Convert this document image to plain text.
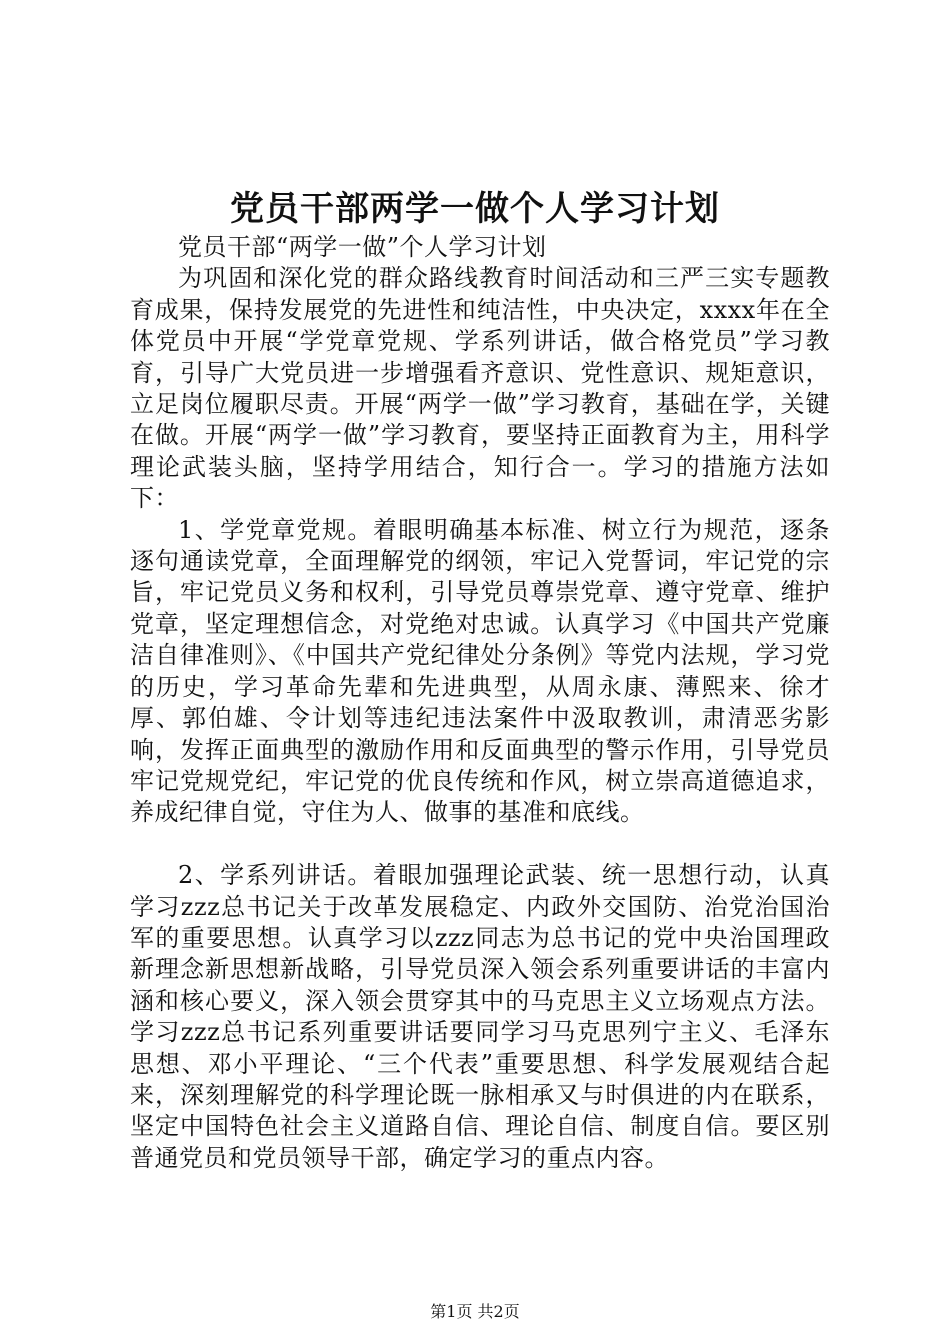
党员干部两学一做个人学习计划

党员干部“两学一做”个人学习计划

为巩固和深化党的群众路线教育时间活动和三严三实专题教育成果，保持发展党的先进性和纯洁性，中央决定，xxxx年在全体党员中开展“学党章党规、学系列讲话，做合格党员”学习教育，引导广大党员进一步增强看齐意识、党性意识、规矩意识，立足岗位履职尽责。开展“两学一做”学习教育，基础在学，关键在做。开展“两学一做”学习教育，要坚持正面教育为主，用科学理论武装头脑，坚持学用结合，知行合一。学习的措施方法如下：

1、学党章党规。着眼明确基本标准、树立行为规范，逐条逐句通读党章，全面理解党的纲领，牢记入党誓词，牢记党的宗旨，牢记党员义务和权利，引导党员尊崇党章、遵守党章、维护党章，坚定理想信念，对党绝对忠诚。认真学习《中国共产党廉洁自律准则》、《中国共产党纪律处分条例》等党内法规，学习党的历史，学习革命先辈和先进典型，从周永康、薄熙来、徐才厚、郭伯雄、令计划等违纪违法案件中汲取教训，肃清恶劣影响，发挥正面典型的激励作用和反面典型的警示作用，引导党员牢记党规党纪，牢记党的优良传统和作风，树立崇高道德追求，养成纪律自觉，守住为人、做事的基准和底线。

2、学系列讲话。着眼加强理论武装、统一思想行动，认真学习zzz总书记关于改革发展稳定、内政外交国防、治党治国治军的重要思想。认真学习以zzz同志为总书记的党中央治国理政新理念新思想新战略，引导党员深入领会系列重要讲话的丰富内涵和核心要义，深入领会贯穿其中的马克思主义立场观点方法。学习zzz总书记系列重要讲话要同学习马克思列宁主义、毛泽东思想、邓小平理论、“三个代表”重要思想、科学发展观结合起来，深刻理解党的科学理论既一脉相承又与时俱进的内在联系，坚定中国特色社会主义道路自信、理论自信、制度自信。要区别普通党员和党员领导干部，确定学习的重点内容。

第1页 共2页
